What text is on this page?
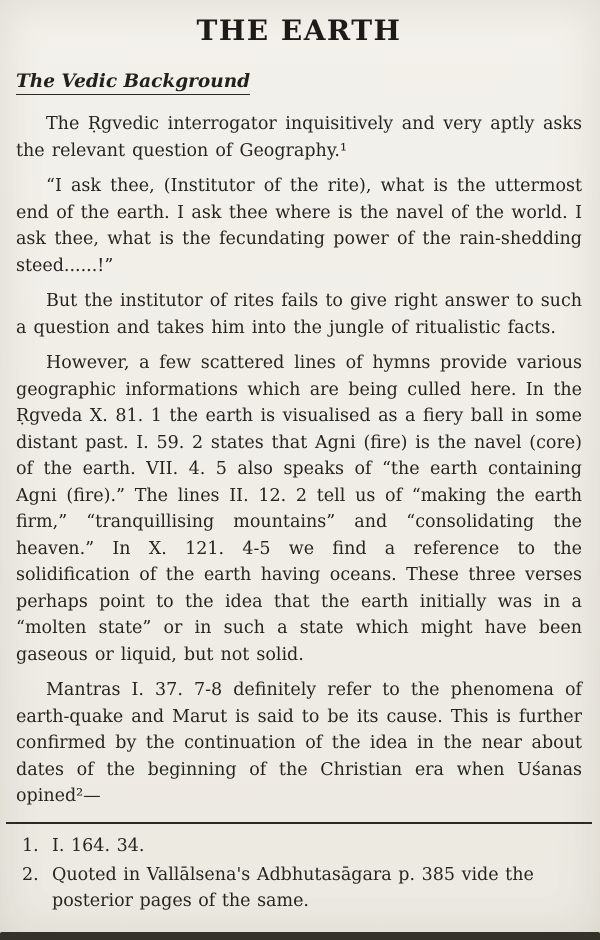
THE EARTH
The Vedic Background

The Ṛgvedic interrogator inquisitively and very aptly asks the relevant question of Geography.¹

“I ask thee, (Institutor of the rite), what is the uttermost end of the earth. I ask thee where is the navel of the world. I ask thee, what is the fecundating power of the rain-shedding steed......!”

But the institutor of rites fails to give right answer to such a question and takes him into the jungle of ritualistic facts.

However, a few scattered lines of hymns provide various geographic informations which are being culled here. In the Ṛgveda X. 81. 1 the earth is visualised as a fiery ball in some distant past. I. 59. 2 states that Agni (fire) is the navel (core) of the earth. VII. 4. 5 also speaks of “the earth containing Agni (fire).” The lines II. 12. 2 tell us of “making the earth firm,” “tranquillising mountains” and “consolidating the heaven.” In X. 121. 4-5 we find a reference to the solidification of the earth having oceans. These three verses perhaps point to the idea that the earth initially was in a “molten state” or in such a state which might have been gaseous or liquid, but not solid.

Mantras I. 37. 7-8 definitely refer to the phenomena of earth-quake and Marut is said to be its cause. This is further confirmed by the continuation of the idea in the near about dates of the beginning of the Christian era when Uśanas opined²—

1. I. 164. 34.
2. Quoted in Vallālsena's Adbhutasāgara p. 385 vide the posterior pages of the same.
